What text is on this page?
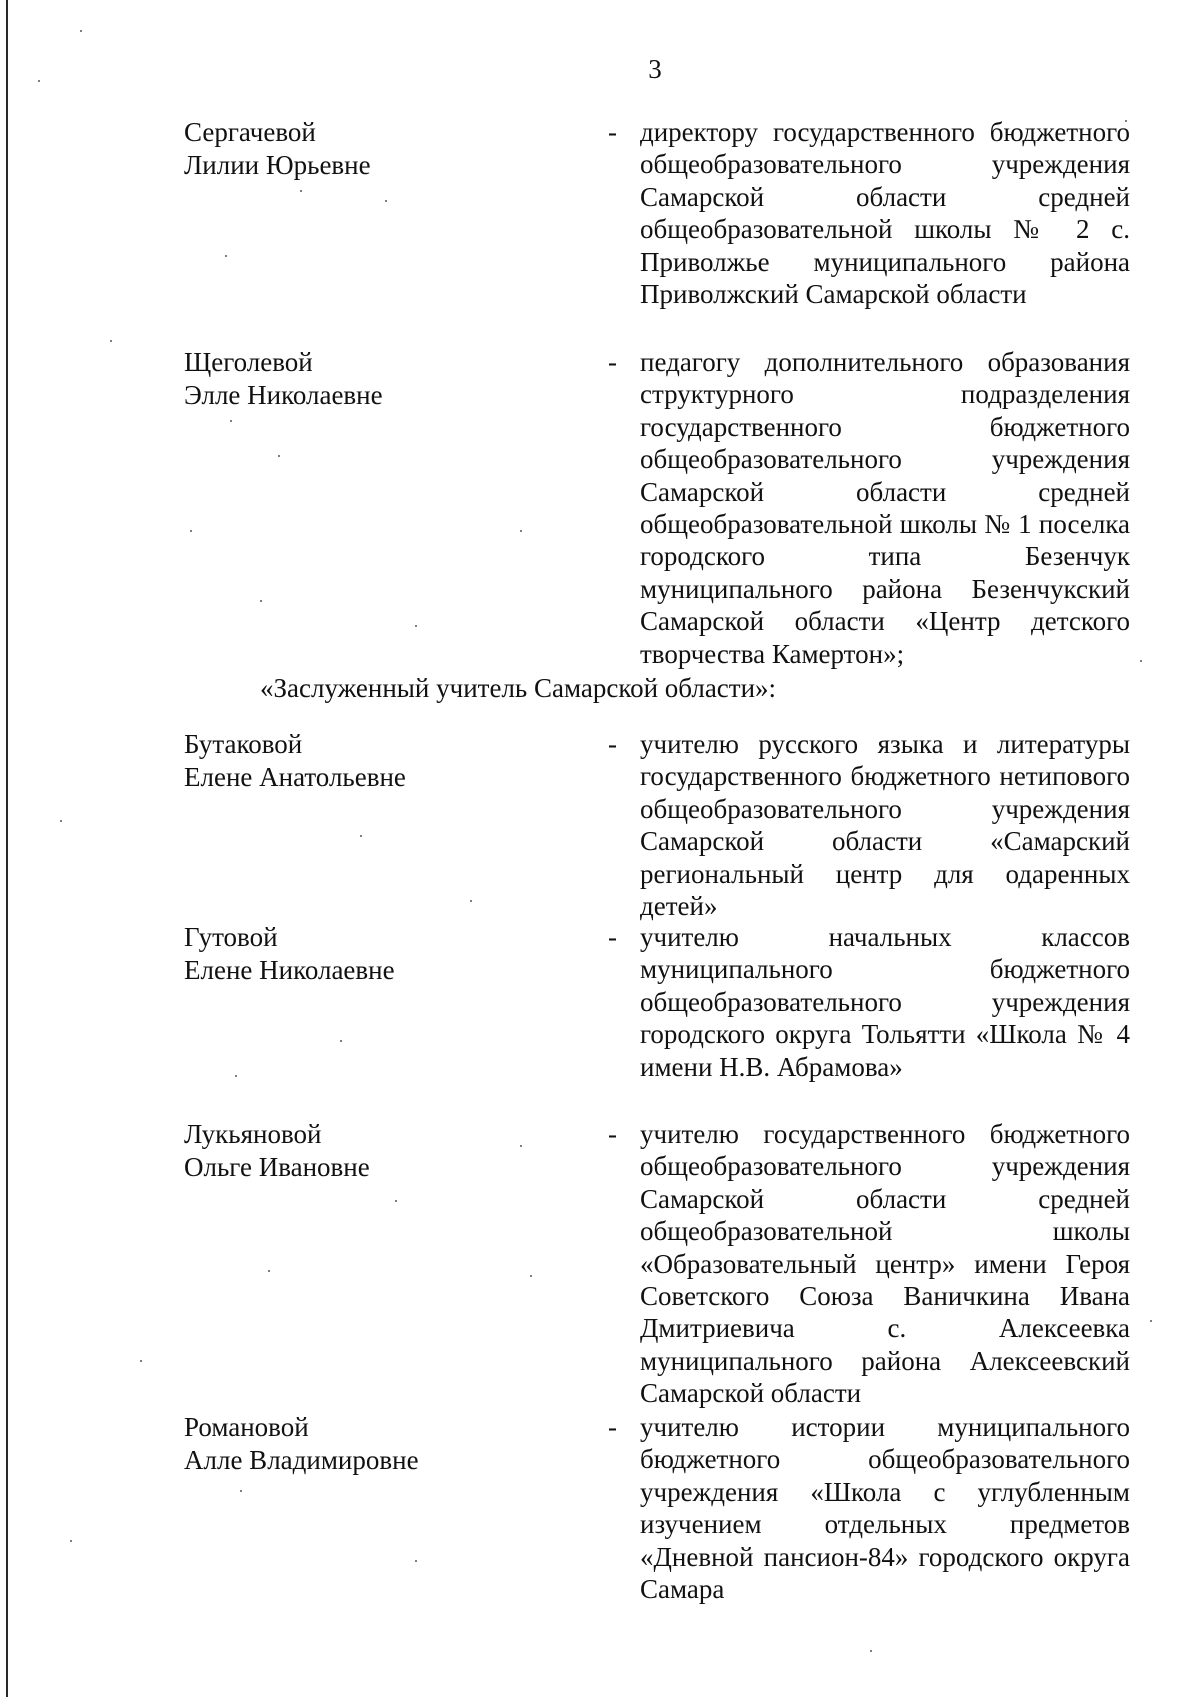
3
Сергачевой
Лилии Юрьевне
- директору государственного бюджетного общеобразовательного учреждения Самарской области средней общеобразовательной школы № 2 с. Приволжье муниципального района Приволжский Самарской области
Щеголевой
Элле Николаевне
- педагогу дополнительного образования структурного подразделения государственного бюджетного общеобразовательного учреждения Самарской области средней общеобразовательной школы № 1 поселка городского типа Безенчук муниципального района Безенчукский Самарской области «Центр детского творчества Камертон»;
«Заслуженный учитель Самарской области»:
Бутаковой
Елене Анатольевне
- учителю русского языка и литературы государственного бюджетного нетипового общеобразовательного учреждения Самарской области «Самарский региональный центр для одаренных детей»
Гутовой
Елене Николаевне
- учителю начальных классов муниципального бюджетного общеобразовательного учреждения городского округа Тольятти «Школа № 4 имени Н.В. Абрамова»
Лукьяновой
Ольге Ивановне
- учителю государственного бюджетного общеобразовательного учреждения Самарской области средней общеобразовательной школы «Образовательный центр» имени Героя Советского Союза Ваничкина Ивана Дмитриевича с. Алексеевка муниципального района Алексеевский Самарской области
Романовой
Алле Владимировне
- учителю истории муниципального бюджетного общеобразовательного учреждения «Школа с углубленным изучением отдельных предметов «Дневной пансион-84» городского округа Самара
